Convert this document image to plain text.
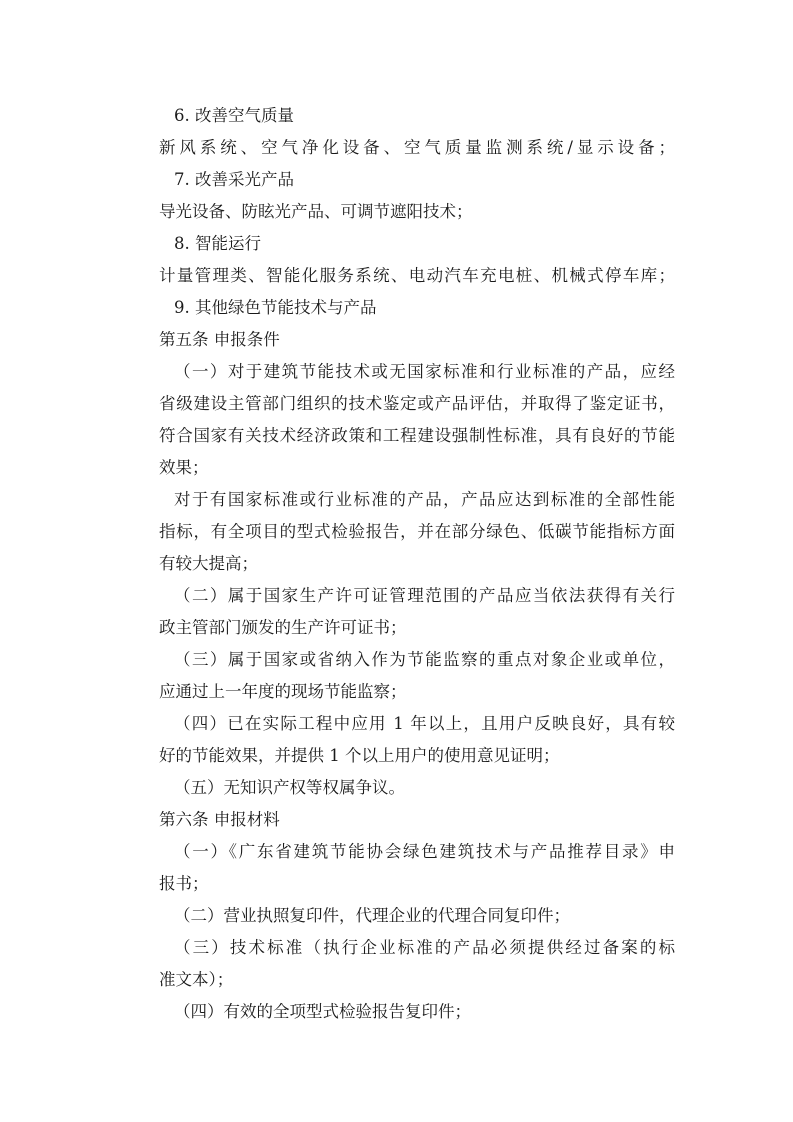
6. 改善空气质量
新风系统、空气净化设备、空气质量监测系统/显示设备；
7. 改善采光产品
导光设备、防眩光产品、可调节遮阳技术；
8. 智能运行
计量管理类、智能化服务系统、电动汽车充电桩、机械式停车库；
9. 其他绿色节能技术与产品
第五条 申报条件
（一）对于建筑节能技术或无国家标准和行业标准的产品，应经
省级建设主管部门组织的技术鉴定或产品评估，并取得了鉴定证书，
符合国家有关技术经济政策和工程建设强制性标准，具有良好的节能
效果；
对于有国家标准或行业标准的产品，产品应达到标准的全部性能
指标，有全项目的型式检验报告，并在部分绿色、低碳节能指标方面
有较大提高；
（二）属于国家生产许可证管理范围的产品应当依法获得有关行
政主管部门颁发的生产许可证书；
（三）属于国家或省纳入作为节能监察的重点对象企业或单位，
应通过上一年度的现场节能监察；
（四）已在实际工程中应用 1 年以上，且用户反映良好，具有较
好的节能效果，并提供 1 个以上用户的使用意见证明；
（五）无知识产权等权属争议。
第六条 申报材料
（一）《广东省建筑节能协会绿色建筑技术与产品推荐目录》申
报书；
（二）营业执照复印件，代理企业的代理合同复印件；
（三）技术标准（执行企业标准的产品必须提供经过备案的标
准文本）；
（四）有效的全项型式检验报告复印件；
